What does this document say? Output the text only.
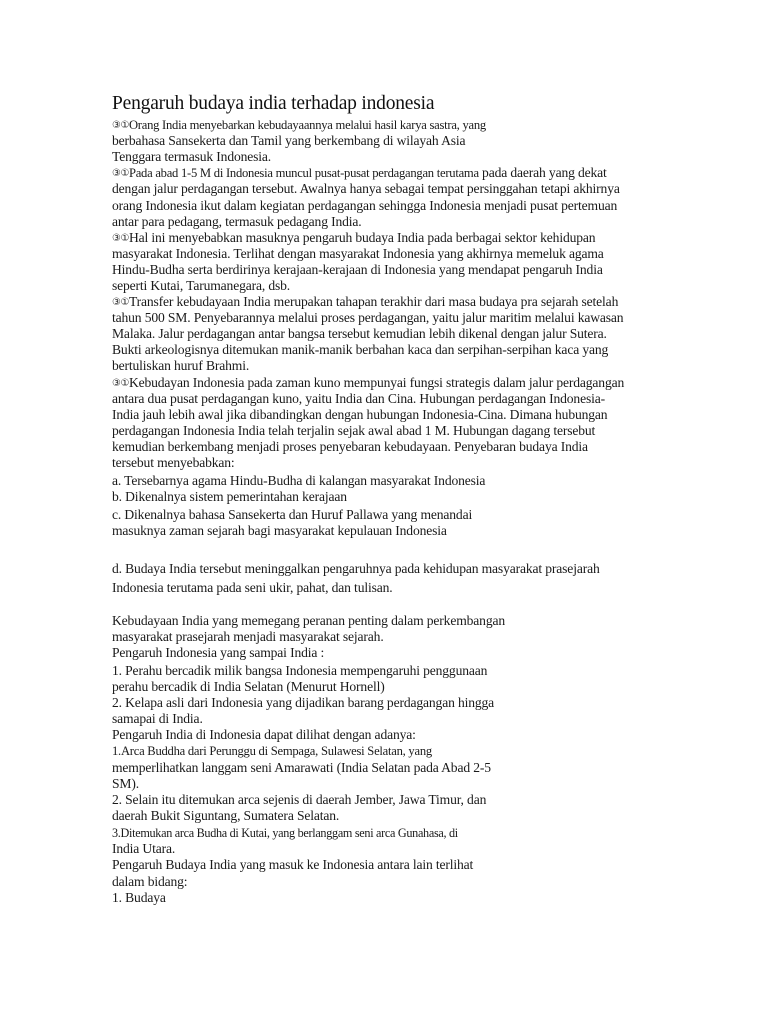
Pengaruh budaya india terhadap indonesia
③①Orang India menyebarkan kebudayaannya melalui hasil karya sastra, yang
berbahasa Sansekerta dan Tamil yang berkembang di wilayah Asia
Tenggara termasuk Indonesia.
③①Pada abad 1-5 M di Indonesia muncul pusat-pusat perdagangan terutama pada daerah yang dekat
dengan jalur perdagangan tersebut. Awalnya hanya sebagai tempat persinggahan tetapi akhirnya
orang Indonesia ikut dalam kegiatan perdagangan sehingga Indonesia menjadi pusat pertemuan
antar para pedagang, termasuk pedagang India.
③①Hal ini menyebabkan masuknya pengaruh budaya India pada berbagai sektor kehidupan
masyarakat Indonesia. Terlihat dengan masyarakat Indonesia yang akhirnya memeluk agama
Hindu-Budha serta berdirinya kerajaan-kerajaan di Indonesia yang mendapat pengaruh India
seperti Kutai, Tarumanegara, dsb.
③①Transfer kebudayaan India merupakan tahapan terakhir dari masa budaya pra sejarah setelah
tahun 500 SM. Penyebarannya melalui proses perdagangan, yaitu jalur maritim melalui kawasan
Malaka. Jalur perdagangan antar bangsa tersebut kemudian lebih dikenal dengan jalur Sutera.
Bukti arkeologisnya ditemukan manik-manik berbahan kaca dan serpihan-serpihan kaca yang
bertuliskan huruf Brahmi.
③①Kebudayan Indonesia pada zaman kuno mempunyai fungsi strategis dalam jalur perdagangan
antara dua pusat perdagangan kuno, yaitu India dan Cina. Hubungan perdagangan Indonesia-
India jauh lebih awal jika dibandingkan dengan hubungan Indonesia-Cina. Dimana hubungan
perdagangan Indonesia India telah terjalin sejak awal abad 1 M. Hubungan dagang tersebut
kemudian berkembang menjadi proses penyebaran kebudayaan. Penyebaran budaya India
tersebut menyebabkan:
a. Tersebarnya agama Hindu-Budha di kalangan masyarakat Indonesia
b. Dikenalnya sistem pemerintahan kerajaan
c. Dikenalnya bahasa Sansekerta dan Huruf Pallawa yang menandai
masuknya zaman sejarah bagi masyarakat kepulauan Indonesia
d. Budaya India tersebut meninggalkan pengaruhnya pada kehidupan masyarakat prasejarah
Indonesia terutama pada seni ukir, pahat, dan tulisan.
Kebudayaan India yang memegang peranan penting dalam perkembangan
masyarakat prasejarah menjadi masyarakat sejarah.
Pengaruh Indonesia yang sampai India :
1. Perahu bercadik milik bangsa Indonesia mempengaruhi penggunaan
perahu bercadik di India Selatan (Menurut Hornell)
2. Kelapa asli dari Indonesia yang dijadikan barang perdagangan hingga
samapai di India.
Pengaruh India di Indonesia dapat dilihat dengan adanya:
1.Arca Buddha dari Perunggu di Sempaga, Sulawesi Selatan, yang
memperlihatkan langgam seni Amarawati (India Selatan pada Abad 2-5
SM).
2. Selain itu ditemukan arca sejenis di daerah Jember, Jawa Timur, dan
daerah Bukit Siguntang, Sumatera Selatan.
3.Ditemukan arca Budha di Kutai, yang berlanggam seni arca Gunahasa, di
India Utara.
Pengaruh Budaya India yang masuk ke Indonesia antara lain terlihat
dalam bidang:
1. Budaya
